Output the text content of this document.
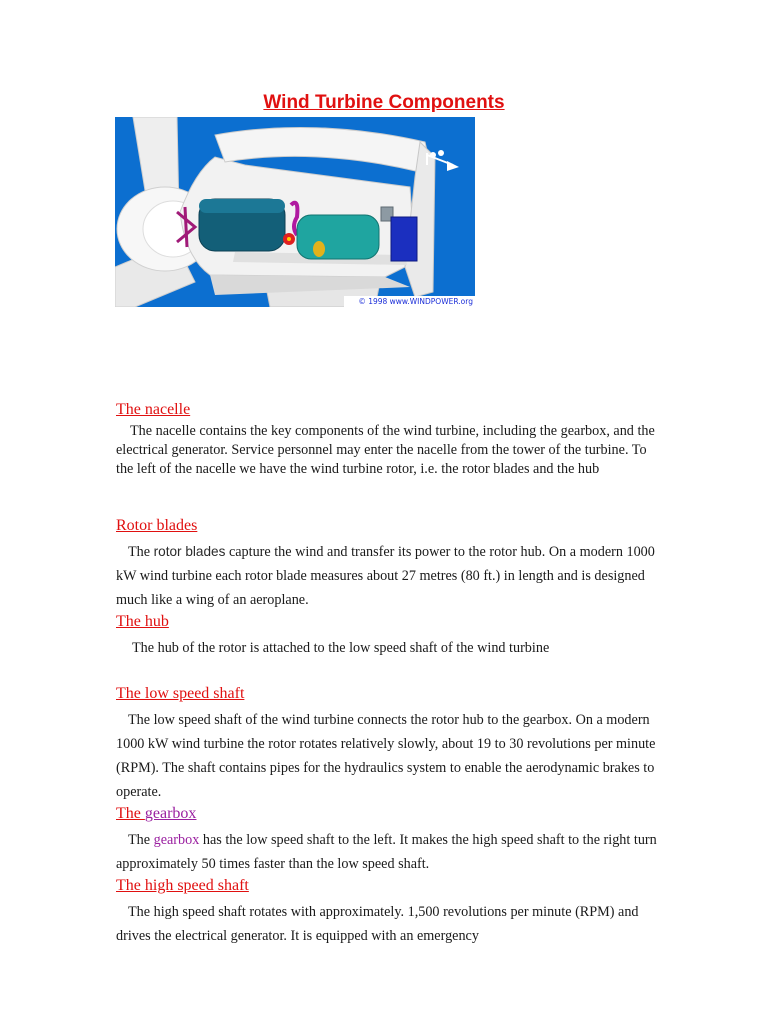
Wind Turbine Components
© 1998 www.WINDPOWER.org
The nacelle

The nacelle contains the key components of the wind turbine, including the gearbox, and the electrical generator. Service personnel may enter the nacelle from the tower of the turbine. To the left of the nacelle we have the wind turbine rotor, i.e. the rotor blades and the hub

Rotor blades

The rotor blades capture the wind and transfer its power to the rotor hub. On a modern 1000 kW wind turbine each rotor blade measures about 27 metres (80 ft.) in length and is designed much like a wing of an aeroplane.

The hub

The hub of the rotor is attached to the low speed shaft of the wind turbine

The low speed shaft

The low speed shaft of the wind turbine connects the rotor hub to the gearbox. On a modern 1000 kW wind turbine the rotor rotates relatively slowly, about 19 to 30 revolutions per minute (RPM). The shaft contains pipes for the hydraulics system to enable the aerodynamic brakes to operate.

The gearbox

The gearbox has the low speed shaft to the left. It makes the high speed shaft to the right turn approximately 50 times faster than the low speed shaft.

The high speed shaft

The high speed shaft rotates with approximately. 1,500 revolutions per minute (RPM) and drives the electrical generator. It is equipped with an emergency
